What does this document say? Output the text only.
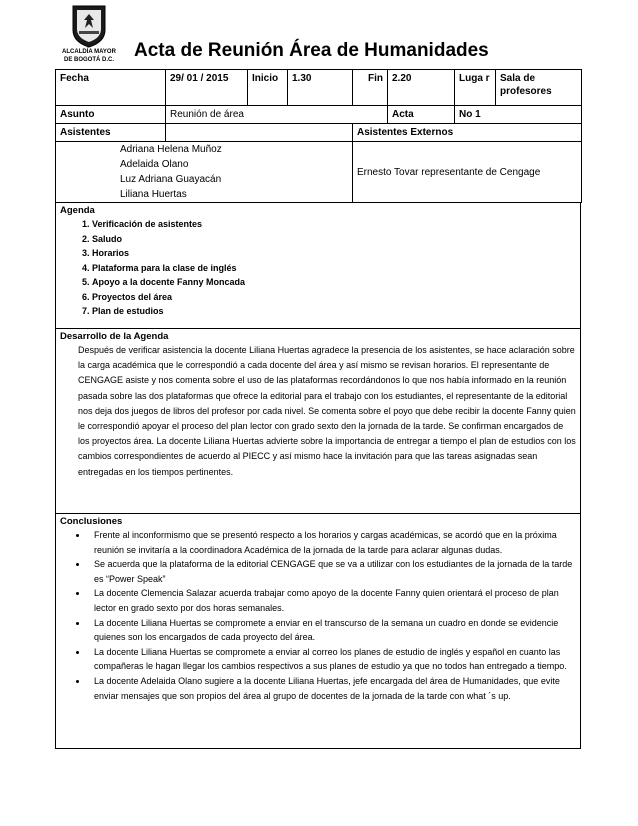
ALCALDÍA MAYOR
DE BOGOTÁ D.C.	Acta de Reunión Área de Humanidades
Fecha	29/ 01 / 2015	Inicio	1.30	Fin	2.20	Luga r	Sala de profesores
Asunto	Reunión de área				Acta	No 1	
Asistentes				Asistentes Externos			

Adriana Helena Muñoz
Adelaida Olano
Luz Adriana Guayacán
Liliana Huertas				Ernesto Tovar representante de Cengage			
Agenda
1. Verificación de asistentes
2. Saludo
3. Horarios
4. Plataforma para la clase de inglés
5. Apoyo a la docente Fanny Moncada
6. Proyectos del área
7. Plan de estudios
Desarrollo de la Agenda
Después de verificar asistencia la docente Liliana Huertas agradece la presencia de los asistentes, se hace aclaración sobre la carga académica que le correspondió a cada docente del área y así mismo se revisan horarios. El representante de CENGAGE asiste y nos comenta sobre el uso de las plataformas recordándonos lo que nos había informado en la reunión pasada sobre las dos plataformas que ofrece la editorial para el trabajo con los estudiantes, el representante de la editorial nos deja dos juegos de libros del profesor por cada nivel. Se comenta sobre el poyo que debe recibir la docente Fanny quien le correspondió apoyar el proceso del plan lector con grado sexto den la jornada de la tarde. Se confirman encargados de los proyectos área. La docente Liliana Huertas advierte sobre la importancia de entregar a tiempo el plan de estudios con los cambios correspondientes de acuerdo al PIECC y así mismo hace la invitación para que las tareas asignadas sean entregadas en los tiempos pertinentes.
Conclusiones
• Frente al inconformismo que se presentó respecto a los horarios y cargas académicas, se acordó que en la próxima reunión se invitaría a la coordinadora Académica de la jornada de la tarde para aclarar algunas dudas.
• Se acuerda que la plataforma de la editorial CENGAGE que se va a utilizar con los estudiantes de la jornada de la tarde es “Power Speak”
• La docente Clemencia Salazar acuerda trabajar como apoyo de la docente Fanny quien orientará el proceso de plan lector en grado sexto por dos horas semanales.
• La docente Liliana Huertas se compromete a enviar en el transcurso de la semana un cuadro en donde se evidencie quienes son los encargados de cada proyecto del área.
• La docente Liliana Huertas se compromete a enviar al correo los planes de estudio de inglés y español en cuanto las compañeras le hagan llegar los cambios respectivos a sus planes de estudio ya que no todos han entregado a tiempo.
• La docente Adelaida Olano sugiere a la docente Liliana Huertas, jefe encargada del área de Humanidades, que evite enviar mensajes que son propios del área al grupo de docentes de la jornada de la tarde con what ´s up.
